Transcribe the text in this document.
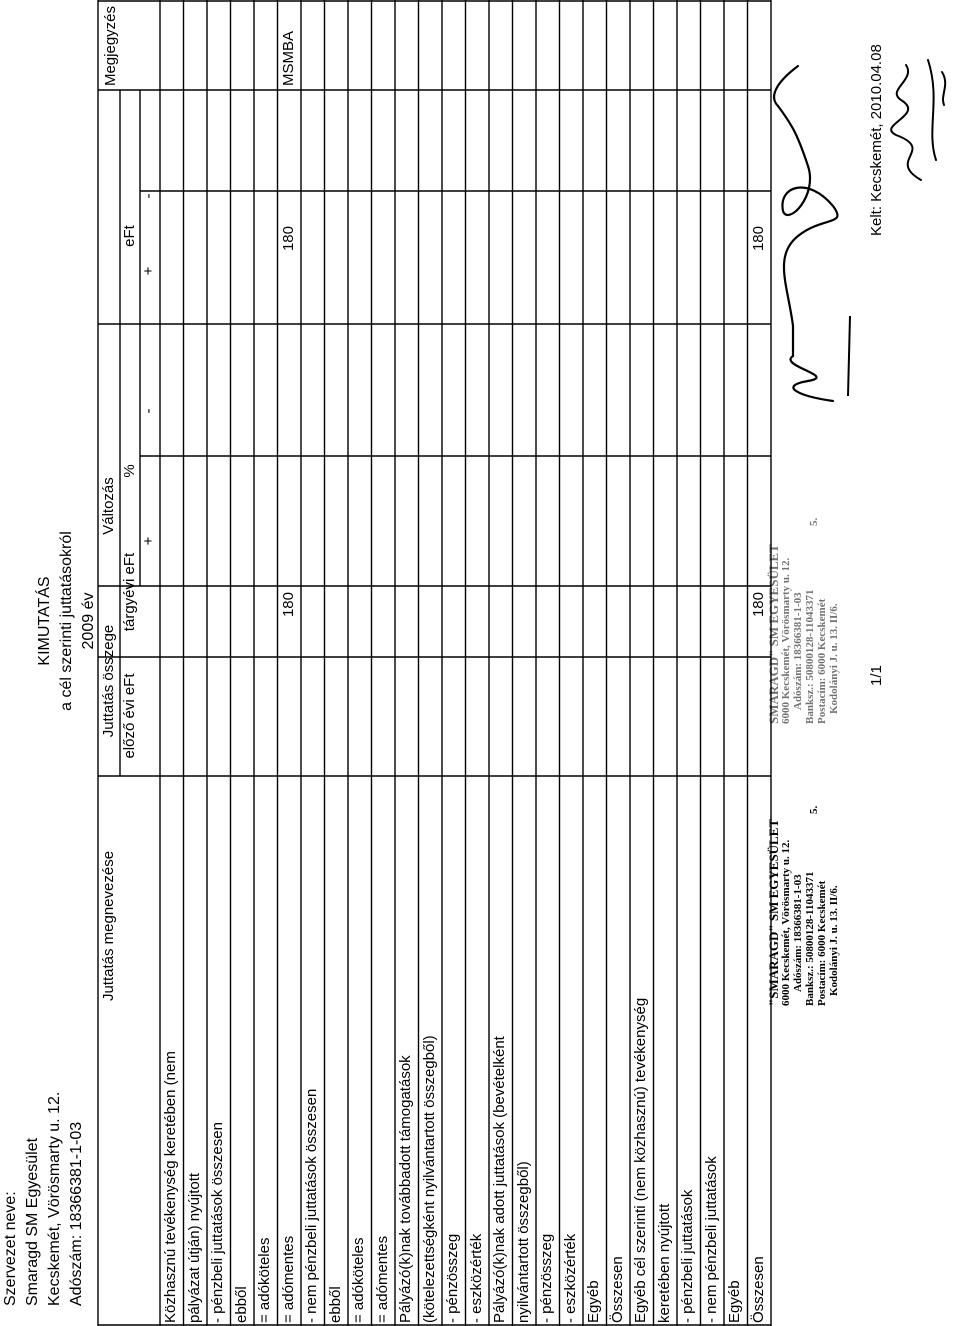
Szervezet neve: Smaragd SM Egyesület Kecskemét, Vörösmarty u. 12. Adószám: 18366381-1-03
KIMUTATÁS a cél szerinti juttatásokról 2009 év
Változás
Juttatás megnevezése
Juttatás összege előző évi eFt
tárgyévi eFt
%
eFt
+
-
+
-
Megjegyzés
Közhasznú tevékenység keretében (nem pályázat útján) nyújtott - pénzbeli juttatások összesen ebből = adóköteles = adómentes
180
180
MSMBA
- nem pénzbeli juttatások összesen ebből = adóköteles = adómentes Pályázó(k)nak továbbadott támogatások (kötelezettségként nyilvántartott összegből) - pénzösszeg - eszközérték Pályázó(k)nak adott juttatások (bevételként nyilvántartott összegből) - pénzösszeg - eszközérték Egyéb Összesen Egyéb cél szerinti (nem közhasznú) tevékenység keretében nyújtott - pénzbeli juttatások - nem pénzbeli juttatások Egyéb Összesen
180
180
"SMARAGD" SM EGYESÜLET 6000 Kecskemét, Vörösmarty u. 12. Adószám: 18366381-1-03 Banksz.: 50800128-11043371 Postacím: 6000 Kecskemét Kodolányi J. u. 13. II/6.
5.
SMARAGD" SM EGYESÜLET 6000 Kecskemét, Vörösmarty u. 12. Adószám: 18366381-1-03 Banksz.: 50800128-11043371 Postacím: 6000 Kecskemét Kodolányi J. u. 13. II/6.
5.
1/1
Kelt: Kecskemét, 2010.04.08
